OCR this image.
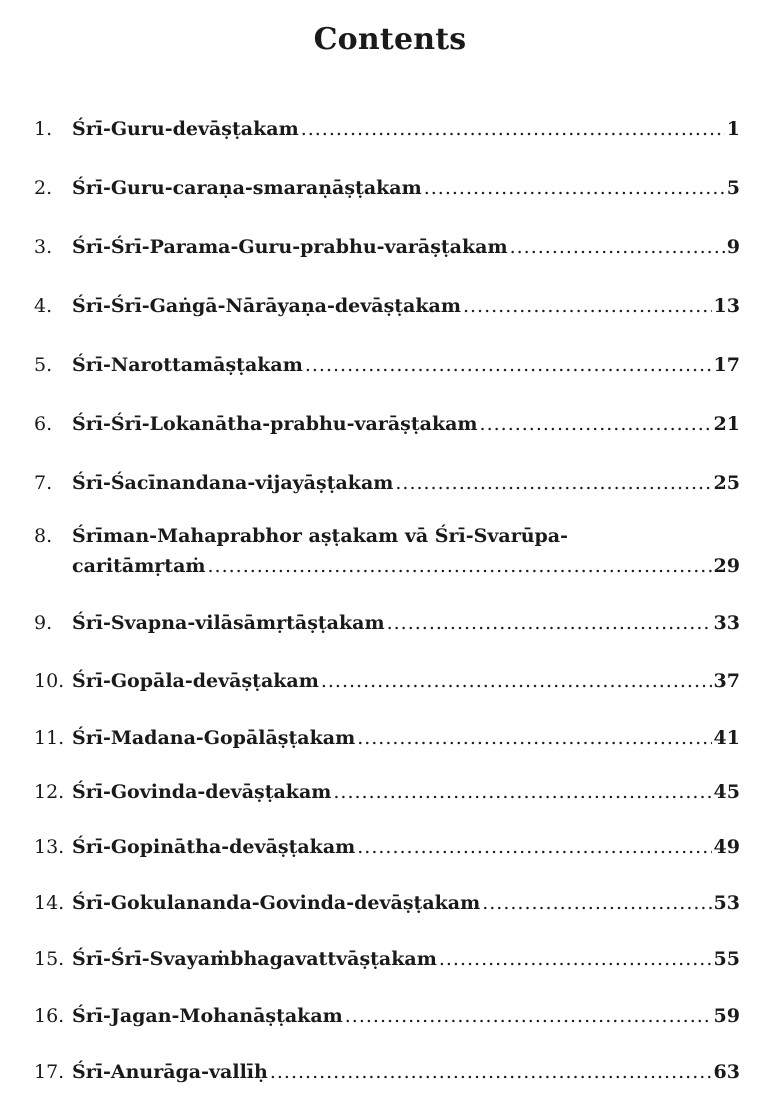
Contents
1.	Śrī-Guru-devāṣṭakam .....	1
2.	Śrī-Guru-caraṇa-smaraṇāṣṭakam .....	5
3.	Śrī-Śrī-Parama-Guru-prabhu-varāṣṭakam .....	9
4.	Śrī-Śrī-Gaṅgā-Nārāyaṇa-devāṣṭakam .....	13
5.	Śrī-Narottamāṣṭakam .....	17
6.	Śrī-Śrī-Lokanātha-prabhu-varāṣṭakam .....	21
7.	Śrī-Śacīnandana-vijayāṣṭakam .....	25
8.	Śrīman-Mahaprabhor aṣṭakam vā Śrī-Svarūpa-
caritāmṛtaṁ .....	29
9.	Śrī-Svapna-vilāsāmṛtāṣṭakam .....	33
10. Śrī-Gopāla-devāṣṭakam .....	37
11. Śrī-Madana-Gopālāṣṭakam .....	41
12. Śrī-Govinda-devāṣṭakam .....	45
13. Śrī-Gopinātha-devāṣṭakam .....	49
14. Śrī-Gokulananda-Govinda-devāṣṭakam .....	53
15. Śrī-Śrī-Svayaṁbhagavattvāṣṭakam .....	55
16. Śrī-Jagan-Mohanāṣṭakam .....	59
17. Śrī-Anurāga-vallīḥ .....	63
